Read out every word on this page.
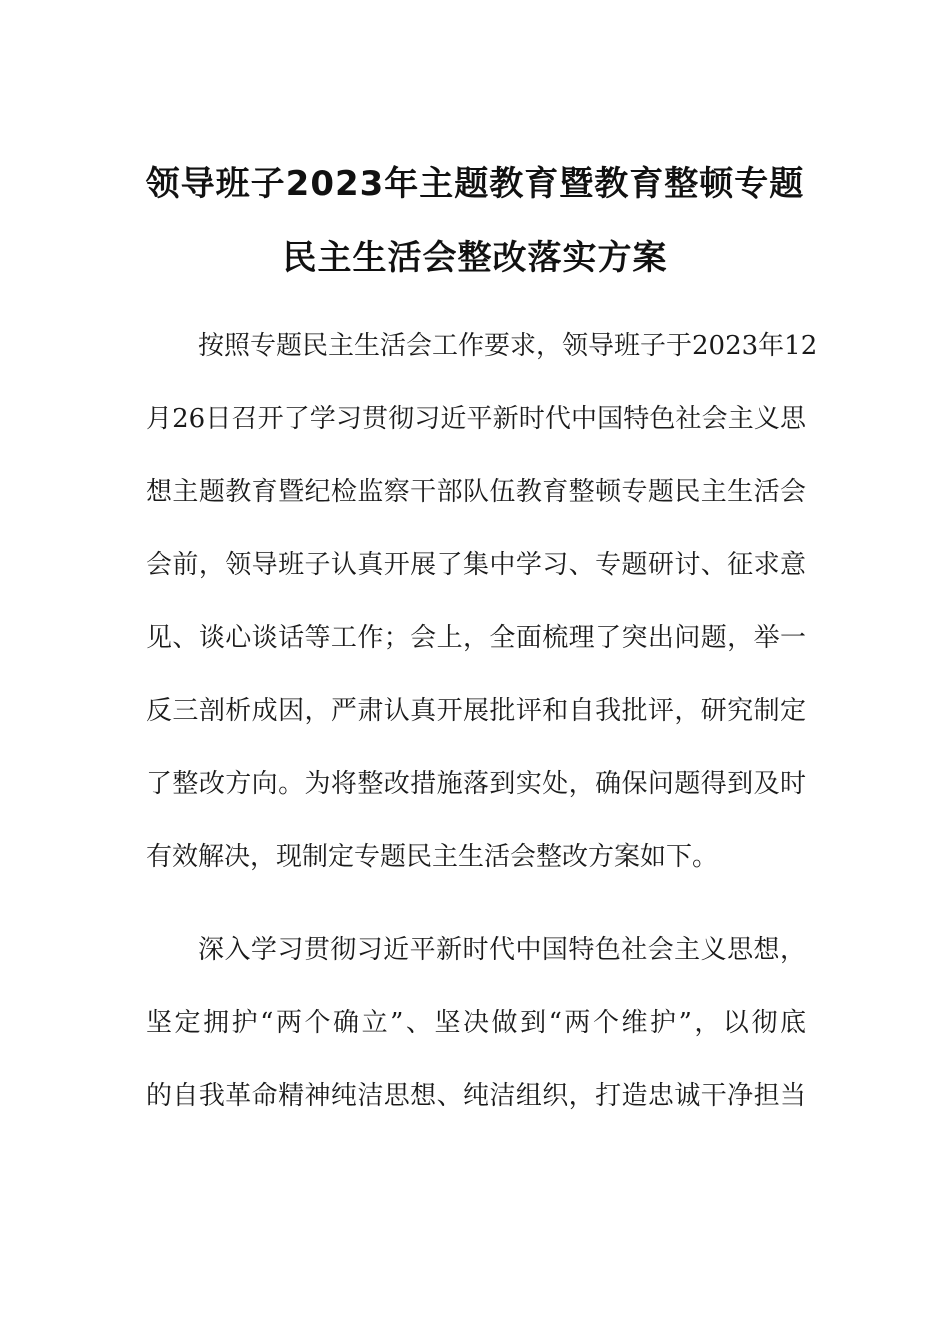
领导班子2023年主题教育暨教育整顿专题
民主生活会整改落实方案
按照专题民主生活会工作要求，领导班子于2023年12
月26日召开了学习贯彻习近平新时代中国特色社会主义思
想主题教育暨纪检监察干部队伍教育整顿专题民主生活会
会前，领导班子认真开展了集中学习、专题研讨、征求意
见、谈心谈话等工作；会上，全面梳理了突出问题，举一
反三剖析成因，严肃认真开展批评和自我批评，研究制定
了整改方向。为将整改措施落到实处，确保问题得到及时
有效解决，现制定专题民主生活会整改方案如下。
深入学习贯彻习近平新时代中国特色社会主义思想，
坚定拥护“两个确立”、坚决做到“两个维护”，以彻底
的自我革命精神纯洁思想、纯洁组织，打造忠诚干净担当
